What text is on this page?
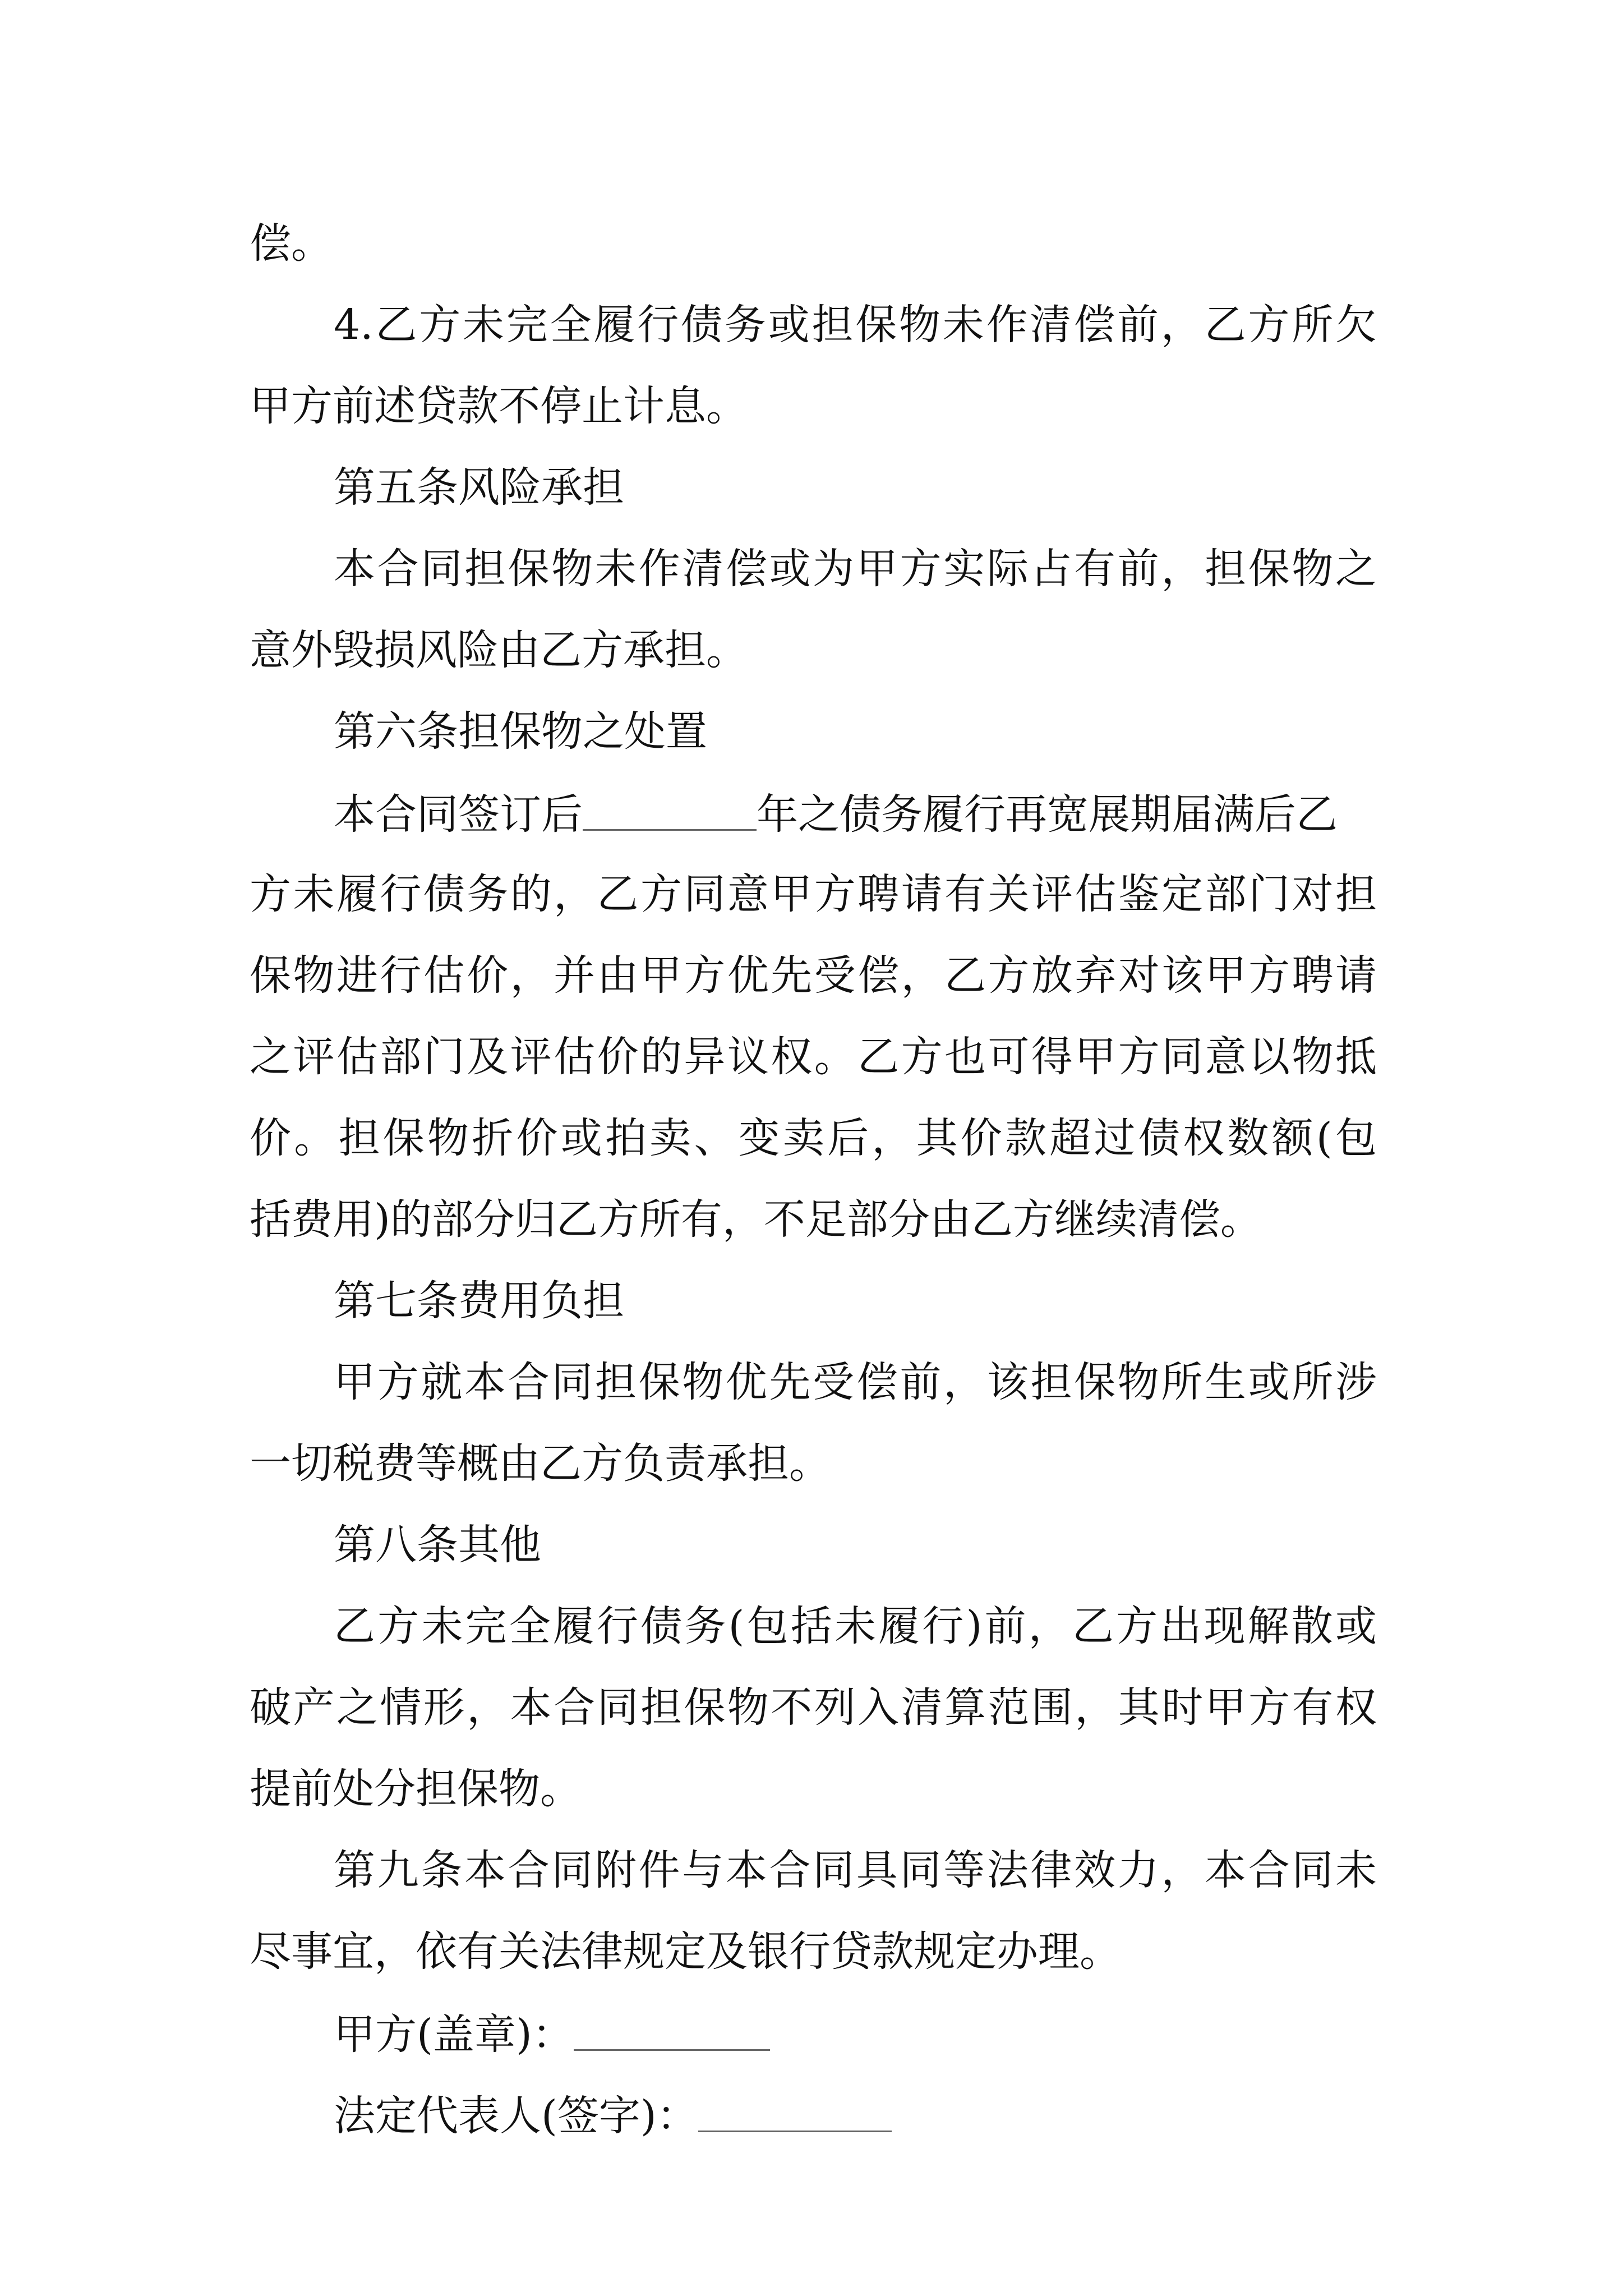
偿。
4.乙方未完全履行债务或担保物未作清偿前，乙方所欠
甲方前述贷款不停止计息。
第五条风险承担
本合同担保物未作清偿或为甲方实际占有前，担保物之
意外毁损风险由乙方承担。
第六条担保物之处置
本合同签订后	年之债务履行再宽展期届满后乙
方未履行债务的，乙方同意甲方聘请有关评估鉴定部门对担
保物进行估价，并由甲方优先受偿，乙方放弃对该甲方聘请
之评估部门及评估价的异议权。乙方也可得甲方同意以物抵
价。担保物折价或拍卖、变卖后，其价款超过债权数额(包
括费用)的部分归乙方所有，不足部分由乙方继续清偿。
第七条费用负担
甲方就本合同担保物优先受偿前，该担保物所生或所涉
一切税费等概由乙方负责承担。
第八条其他
乙方未完全履行债务(包括未履行)前，乙方出现解散或
破产之情形，本合同担保物不列入清算范围，其时甲方有权
提前处分担保物。
第九条本合同附件与本合同具同等法律效力，本合同未
尽事宜，依有关法律规定及银行贷款规定办理。
甲方(盖章)：
法定代表人(签字)：
